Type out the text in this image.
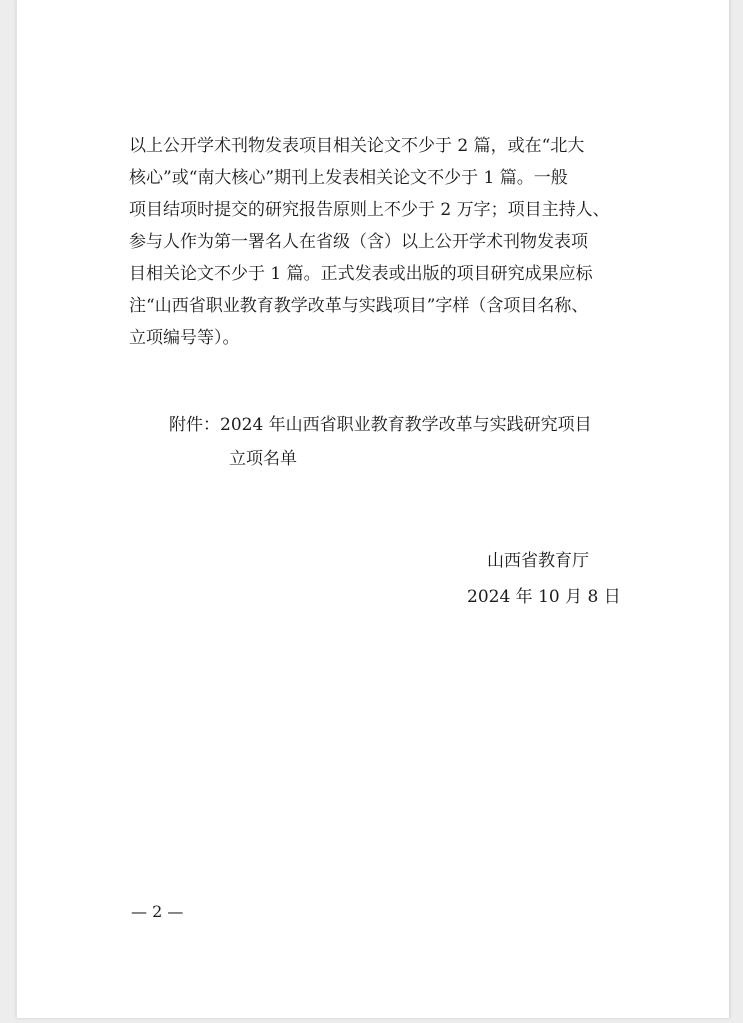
以上公开学术刊物发表项目相关论文不少于 2 篇，或在“北大
核心”或“南大核心”期刊上发表相关论文不少于 1 篇。一般
项目结项时提交的研究报告原则上不少于 2 万字；项目主持人、
参与人作为第一署名人在省级（含）以上公开学术刊物发表项
目相关论文不少于 1 篇。正式发表或出版的项目研究成果应标
注“山西省职业教育教学改革与实践项目”字样（含项目名称、
立项编号等）。
附件：2024 年山西省职业教育教学改革与实践研究项目
立项名单
山西省教育厅
2024 年 10 月 8 日
— 2 —
